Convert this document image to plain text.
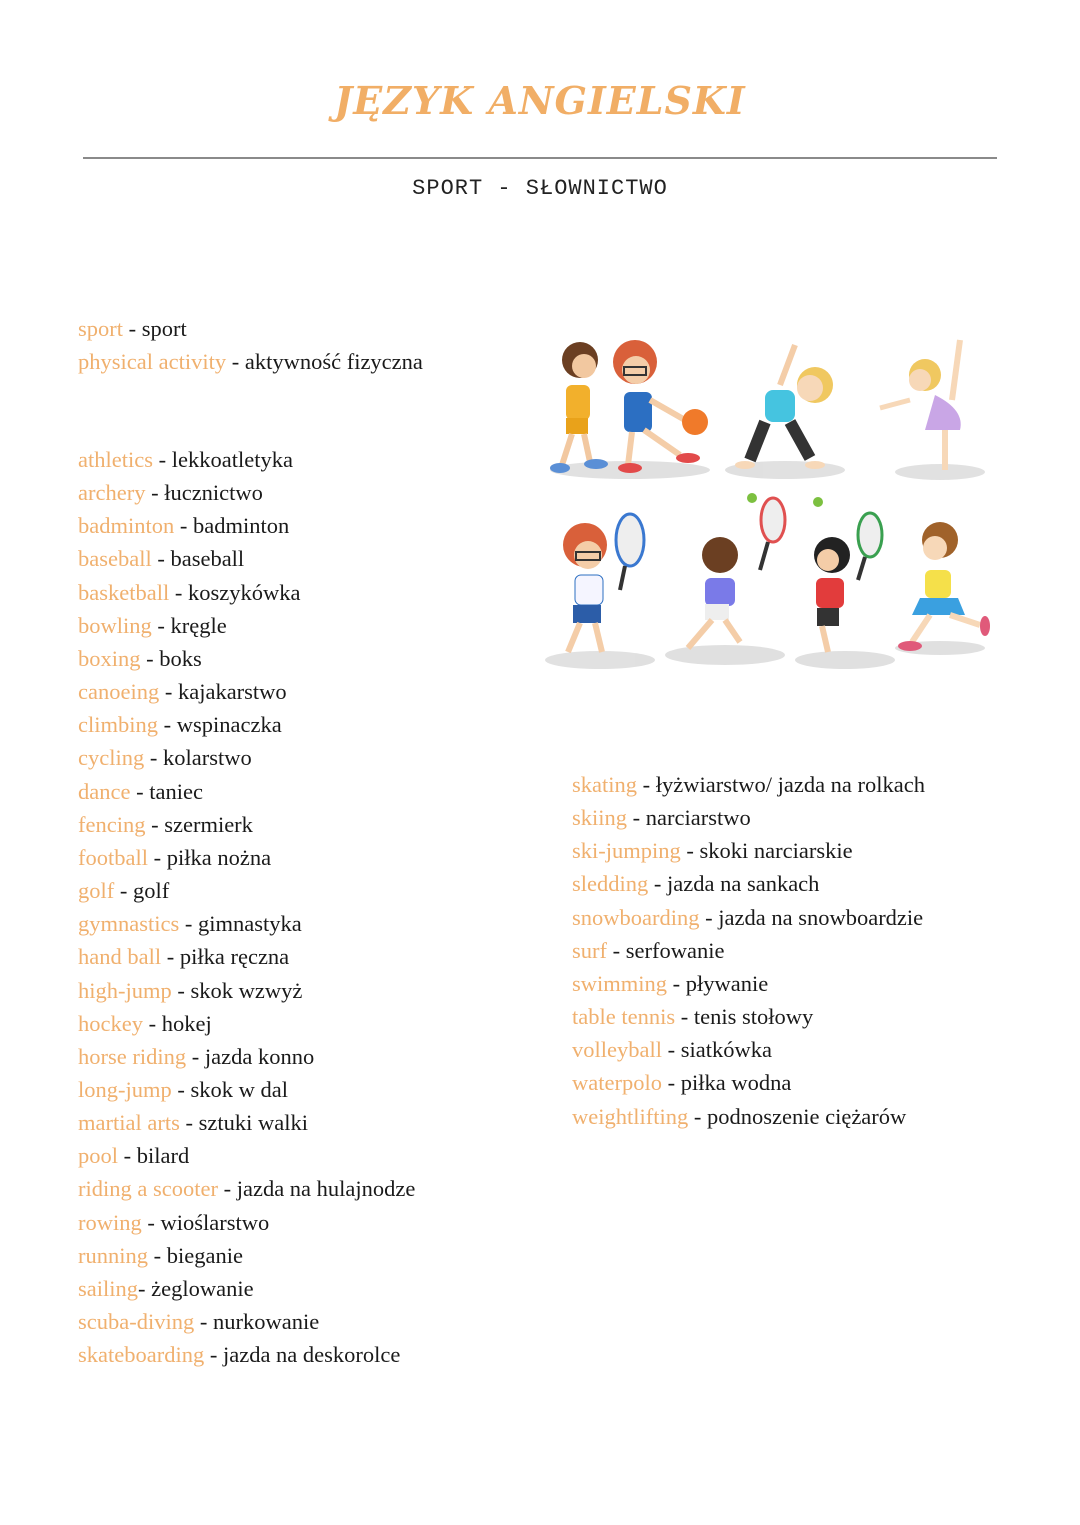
JĘZYK ANGIELSKI
SPORT - SŁOWNICTWO
sport - sport
physical activity - aktywność fizyczna
athletics - lekkoatletyka
archery - łucznictwo
badminton - badminton
baseball - baseball
basketball - koszykówka
bowling - kręgle
boxing - boks
canoeing - kajakarstwo
climbing - wspinaczka
cycling - kolarstwo
dance - taniec
fencing - szermierk
football - piłka nożna
golf - golf
gymnastics - gimnastyka
hand ball - piłka ręczna
high-jump - skok wzwyż
hockey - hokej
horse riding - jazda konno
long-jump - skok w dal
martial arts - sztuki walki
pool - bilard
riding a scooter - jazda na hulajnodze
rowing - wioślarstwo
running - bieganie
sailing- żeglowanie
scuba-diving - nurkowanie
skateboarding - jazda na deskorolce
skating - łyżwiarstwo/ jazda na rolkach
skiing - narciarstwo
ski-jumping - skoki narciarskie
sledding - jazda na sankach
snowboarding - jazda na snowboardzie
surf - serfowanie
swimming - pływanie
table tennis - tenis stołowy
volleyball - siatkówka
waterpolo - piłka wodna
weightlifting - podnoszenie ciężarów
